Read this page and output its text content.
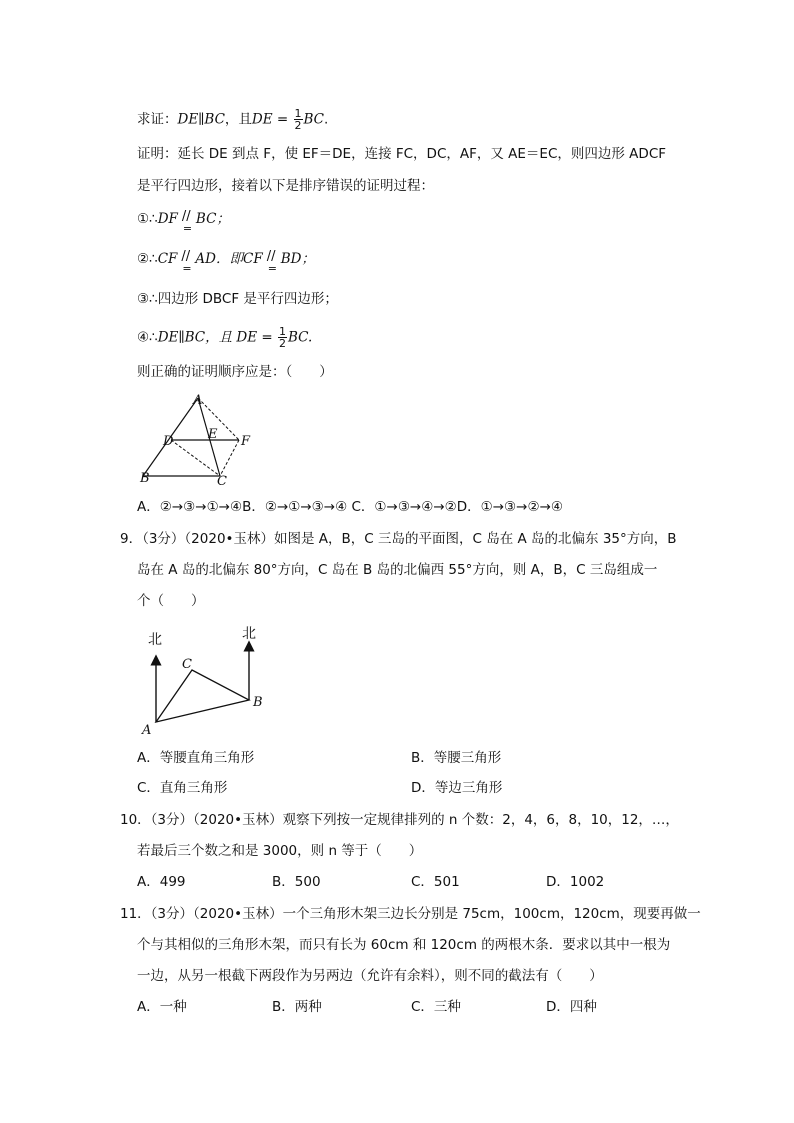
求证：DE∥BC，且DE = $\frac{1}{2}$ BC.
证明：延长 DE 到点 F，使 EF＝DE，连接 FC，DC，AF，又 AE＝EC，则四边形 ADCF
是平行四边形，接着以下是排序错误的证明过程：
①∴DF //
=
BC；
②∴CF //
=
AD．即CF //
=
BD；
③∴四边形 DBCF 是平行四边形；
④∴DE∥BC，且 DE = $\frac{1}{2}$ BC.
则正确的证明顺序应是：（　　）
A
D	E F
B	C
A．②→③→①→④B．②→①→③→④ C．①→③→④→②D．①→③→②→④
9．（3分）（2020•玉林）如图是 A，B，C 三岛的平面图，C 岛在 A 岛的北偏东 35°方向，B
岛在 A 岛的北偏东 80°方向，C 岛在 B 岛的北偏西 55°方向，则 A，B，C 三岛组成一
个（　　）
北	北
C
B
A
A．等腰直角三角形	B．等腰三角形
C．直角三角形	D．等边三角形
10．（3分）（2020•玉林）观察下列按一定规律排列的 n 个数：2，4，6，8，10，12，…，
若最后三个数之和是 3000，则 n 等于（　　）
A．499	B．500	C．501	D．1002
11．（3分）（2020•玉林）一个三角形木架三边长分别是 75cm，100cm，120cm，现要再做一
个与其相似的三角形木架，而只有长为 60cm 和 120cm 的两根木条．要求以其中一根为
一边，从另一根截下两段作为另两边（允许有余料），则不同的截法有（　　）
A．一种	B．两种	C．三种	D．四种
